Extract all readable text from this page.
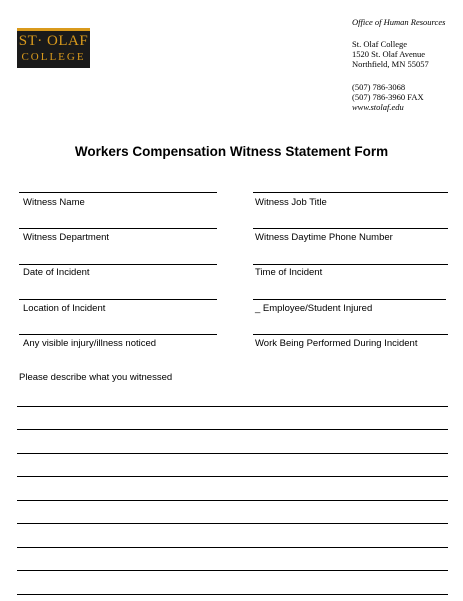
ST· OLAF
COLLEGE
Office of Human Resources
St. Olaf College
1520 St. Olaf Avenue
Northfield, MN 55057
(507) 786-3068
(507) 786-3960 FAX
www.stolaf.edu
Workers Compensation Witness Statement Form
Witness Name	Witness Job Title
Witness Department	Witness Daytime Phone Number
Date of Incident	Time of Incident
Location of Incident	_ Employee/Student Injured
Any visible injury/illness noticed	Work Being Performed During Incident
Please describe what you witnessed
